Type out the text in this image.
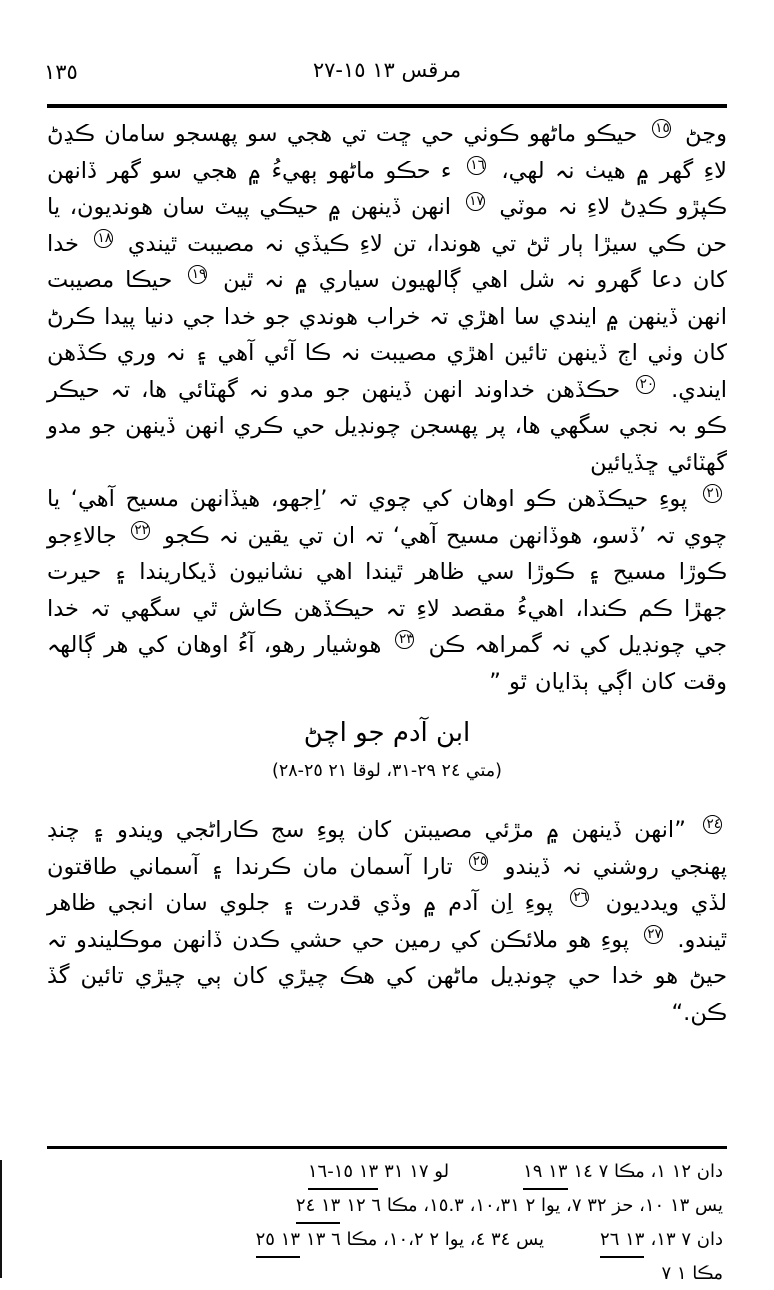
١٣٥	مرقس ١٣ ١٥-٢٧

وڃڻ
١٥
حيڪو ماڻھو ڪوٺي حي ڇت تي ھجي سو پھسجو سامان ڪڍڻ لاءِ گھر ۾ ھيٺ نہ لھي،
١٦
ء حڪو ماڻھو ٻھيءُ ۾ ھجي سو گھر ڏانھن ڪپڙو ڪڍڻ لاءِ نہ موٽي
١٧
انھن ڏينھن ۾ حيڪي پيٽ سان ھونديون، يا حن ڪي سيڙا ٻار ٿڻ تي ھوندا، تن لاءِ ڪيڏي نہ مصيبت ٿيندي
١٨
خدا کان دعا گھرو نہ شل اھي ڳالھيون سياري ۾ نہ ٿين
١٩
حيڪا مصيبت انھن ڏينھن ۾ ايندي سا اھڙي تہ خراب ھوندي جو خدا جي دنيا پيدا ڪرڻ کان وٺي اڄ ڏينھن تائين اھڙي مصيبت نہ ڪا آئي آھي ۽ نہ وري ڪڏھن ايندي.
٢٠
حڪڏھن خداوند انھن ڏينھن جو مدو نہ گھٽائي ھا، تہ حيڪر ڪو بہ نجي سگھي ھا، پر پھسجن چونڊيل حي ڪري انھن ڏينھن جو مدو گھٽائي ڇڏيائين

٢١
پوءِ حيڪڏھن ڪو اوھان کي چوي تہ ’اِجھو، ھيڏانھن مسيح آھي‘ يا چوي تہ ’ڏسو، ھوڏانھن مسيح آھي‘ تہ ان تي يقين نہ ڪجو
٢٢
جالاءِجو ڪوڙا مسيح ۽ ڪوڙا سي ظاھر ٿيندا اھي نشانيون ڏيکاريندا ۽ حيرت جھڙا ڪم ڪندا، اھيءُ مقصد لاءِ تہ حيڪڏھن ڪاش ٿي سگھي تہ خدا جي چونڊيل کي نہ گمراھہ ڪن
٢٣
ھوشيار رھو، آءُ اوھان کي ھر ڳالھہ وقت کان اڳي ٻڌايان ٿو ”

ابن آدم جو اچڻ
(متي ٢٤ ٢٩-٣١، لوقا ٢١ ٢٥-٢٨)

٢٤
”انھن ڏينھن ۾ مڙئي مصيبتن کان پوءِ سج ڪاراڻجي ويندو ۽ چنڊ پھنجي روشني نہ ڏيندو
٢٥
تارا آسمان مان ڪرندا ۽ آسماني طاقتون لڏي ويدديون
٢٦
پوءِ اِن آدم ۾ وڏي قدرت ۽ جلوي سان انجي ظاھر ٿيندو.
٢٧
پوءِ ھو ملائڪن کي رمين حي حشي ڪدن ڏانھن موڪليندو تہ حيڻ ھو خدا حي چونڊيل ماڻھن کي ھڪ چيڙي کان ٻي چيڙي تائين گڏ ڪن.“

١٣ ١٥-١٦ لو ١٧ ٣١	١٣ ١٩ دان ١٢ ١، مڪا ٧ ١٤
١٣ ٢٤ يس ١٣ ١٠، حز ٣٢ ٧، يوا ٢ ١٠،٣١، ١٥.٣، مڪا ٦ ١٢
١٣ ٢٥ يس ٣٤ ٤، يوا ٢ ١٠،٢، مڪا ٦ ١٣	١٣ ٢٦ دان ٧ ١٣،
مڪا ١ ٧
